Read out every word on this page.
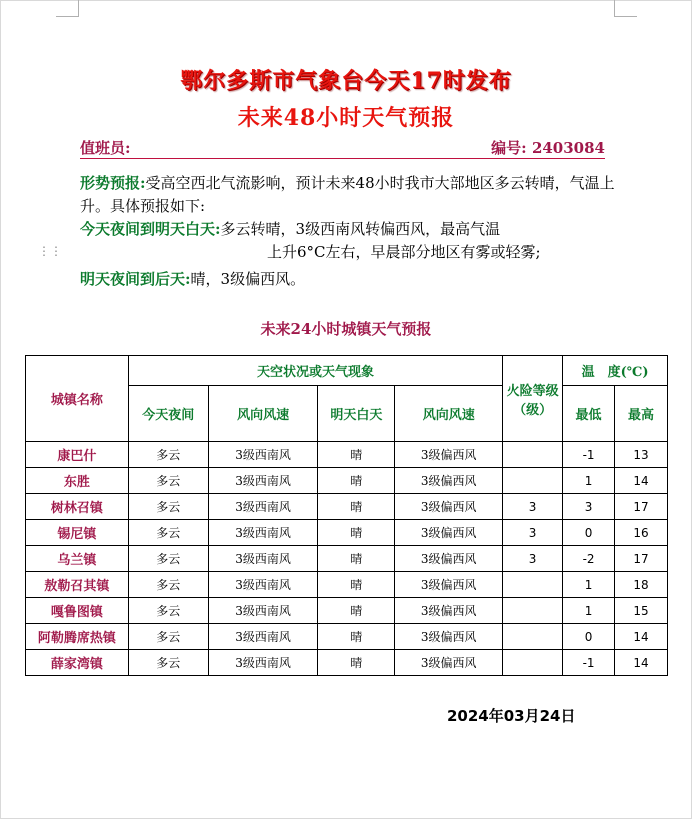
⋮⋮
鄂尔多斯市气象台今天17时发布
未来48小时天气预报
值班员:	编号: 2403084
形势预报:受高空西北气流影响，预计未来48小时我市大部地区多云转晴，气温上升。具体预报如下:
今天夜间到明天白天:多云转晴，3级西南风转偏西风，最高气温
上升6°C左右，早晨部分地区有雾或轻雾;
明天夜间到后天:晴，3级偏西风。
未来24小时城镇天气预报
城镇名称	天空状况或天气现象				火险等级（级）	温　度(℃)	
	今天夜间	风向风速	明天白天	风向风速		最低	最高
康巴什	多云	3级西南风	晴	3级偏西风		-1	13
东胜	多云	3级西南风	晴	3级偏西风		1	14
树林召镇	多云	3级西南风	晴	3级偏西风	3	3	17
锡尼镇	多云	3级西南风	晴	3级偏西风	3	0	16
乌兰镇	多云	3级西南风	晴	3级偏西风	3	-2	17
敖勒召其镇	多云	3级西南风	晴	3级偏西风		1	18
嘎鲁图镇	多云	3级西南风	晴	3级偏西风		1	15
阿勒腾席热镇	多云	3级西南风	晴	3级偏西风		0	14
薛家湾镇	多云	3级西南风	晴	3级偏西风		-1	14
2024年03月24日
